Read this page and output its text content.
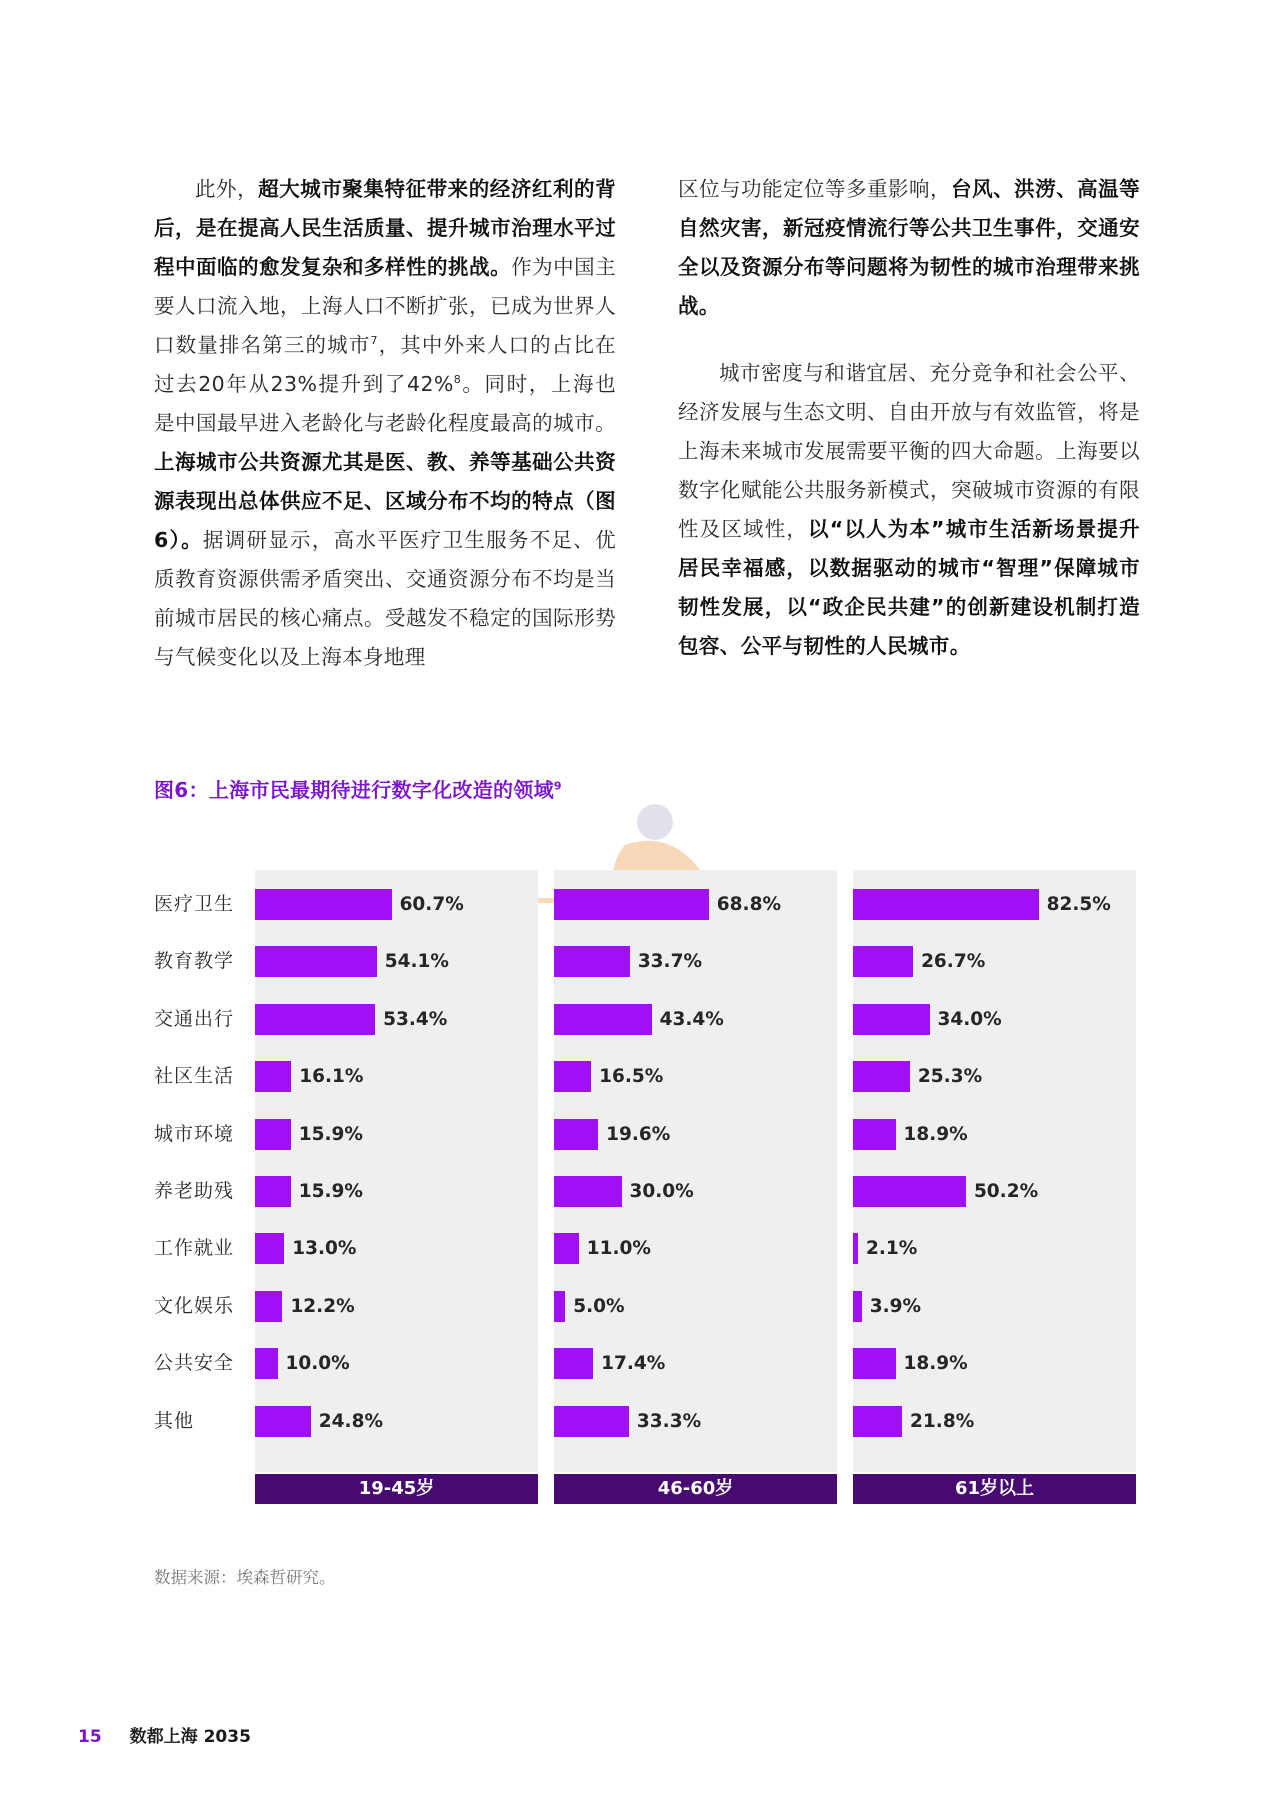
此外，超大城市聚集特征带来的经济红利的背后，是在提高人民生活质量、提升城市治理水平过程中面临的愈发复杂和多样性的挑战。作为中国主要人口流入地，上海人口不断扩张，已成为世界人口数量排名第三的城市$^7$，其中外来人口的占比在过去20年从23%提升到了42%$^8$。同时，上海也是中国最早进入老龄化与老龄化程度最高的城市。上海城市公共资源尤其是医、教、养等基础公共资源表现出总体供应不足、区域分布不均的特点（图6）。据调研显示，高水平医疗卫生服务不足、优质教育资源供需矛盾突出、交通资源分布不均是当前城市居民的核心痛点。受越发不稳定的国际形势与气候变化以及上海本身地理

区位与功能定位等多重影响，台风、洪涝、高温等自然灾害，新冠疫情流行等公共卫生事件，交通安全以及资源分布等问题将为韧性的城市治理带来挑战。

城市密度与和谐宜居、充分竞争和社会公平、经济发展与生态文明、自由开放与有效监管，将是上海未来城市发展需要平衡的四大命题。上海要以数字化赋能公共服务新模式，突破城市资源的有限性及区域性，以“以人为本”城市生活新场景提升居民幸福感，以数据驱动的城市“智理”保障城市韧性发展，以“政企民共建”的创新建设机制打造包容、公平与韧性的人民城市。

图6：上海市民最期待进行数字化改造的领域$^9$
医疗卫生
教育教学
交通出行
社区生活
城市环境
养老助残
工作就业
文化娱乐
公共安全
其他
60.7%
54.1%
53.4%
16.1%
15.9%
15.9%
13.0%
12.2%
10.0%
24.8%
19-45岁
68.8%
33.7%
43.4%
16.5%
19.6%
30.0%
11.0%
5.0%
17.4%
33.3%
46-60岁
82.5%
26.7%
34.0%
25.3%
18.9%
50.2%
2.1%
3.9%
18.9%
21.8%
61岁以上
数据来源：埃森哲研究。
15 数都上海 2035
